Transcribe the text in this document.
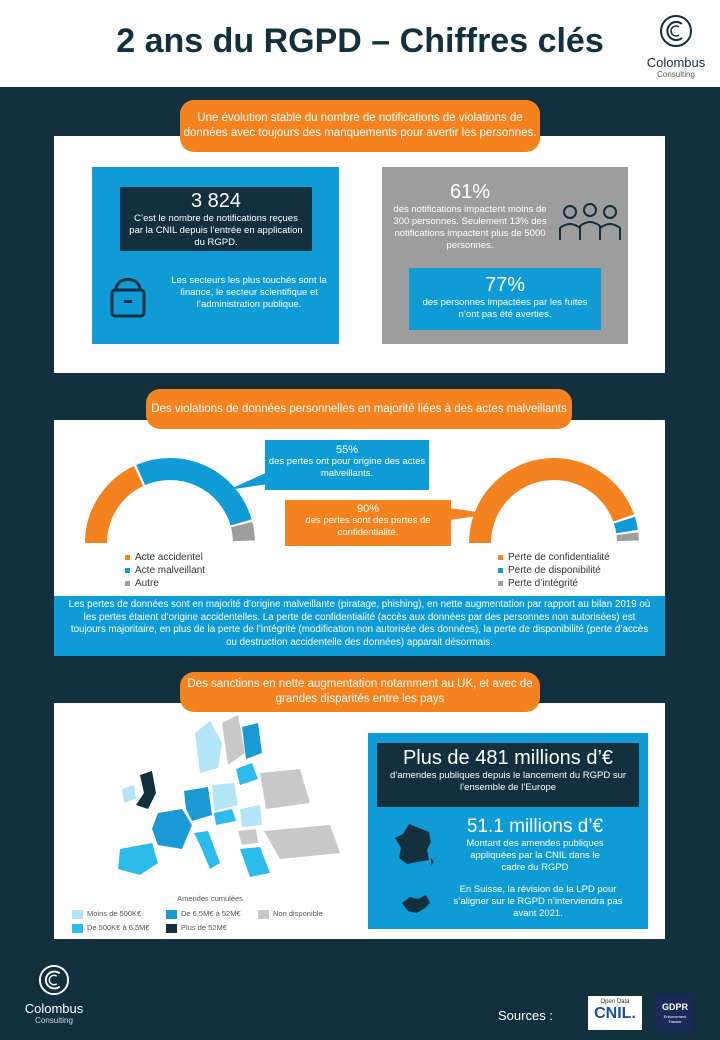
2 ans du RGPD – Chiffres clés
Colombus
Consulting
Une évolution stable du nombre de notifications de violations de données avec toujours des manquements pour avertir les personnes.
3 824
C’est le nombre de notifications reçues par la CNIL depuis l’entrée en application du RGPD.
Les secteurs les plus touchés sont la finance, le secteur scientifique et l’administration publique.
61%
des notifications impactent moins de 300 personnes. Seulement 13% des notifications impactent plus de 5000 personnes.
77%
des personnes impactées par les fuites n’ont pas été averties.
Des violations de données personnelles en majorité liées à des actes malveillants
55%
des pertes ont pour origine des actes malveillants.
90%
des pertes sont des pertes de confidentialité.
Acte accidentel
Acte malveillant
Autre
Perte de confidentialité
Perte de disponibilité
Perte d’intégrité
Les pertes de données sont en majorité d’origine malveillante (piratage, phishing), en nette augmentation par rapport au bilan 2019 où les pertes étaient d’origine accidentelles. La perte de confidentialité (accès aux données par des personnes non autorisées) est toujours majoritaire, en plus de la perte de l’intégrité (modification non autorisée des données), la perte de disponibilité (perte d’accès ou destruction accidentelle des données) apparait désormais.
Des sanctions en nette augmentation notamment au UK, et avec de grandes disparités entre les pays
Amendes cumulées
Moins de 500K€
De 500K€ à 6,5M€
De 6,5M€ à 52M€
Plus de 52M€
Non disponible
Plus de 481 millions d’€
d’amendes publiques depuis le lancement du RGPD sur l’ensemble de l’Europe
51.1 millions d’€
Montant des amendes publiques appliquées par la CNIL dans le cadre du RGPD
En Suisse, la révision de la LPD pour s’aligner sur le RGPD n’interviendra pas avant 2021.
Colombus
Consulting	Sources :
Open Data
CNIL.	GDPR
Enforcement Tracker
